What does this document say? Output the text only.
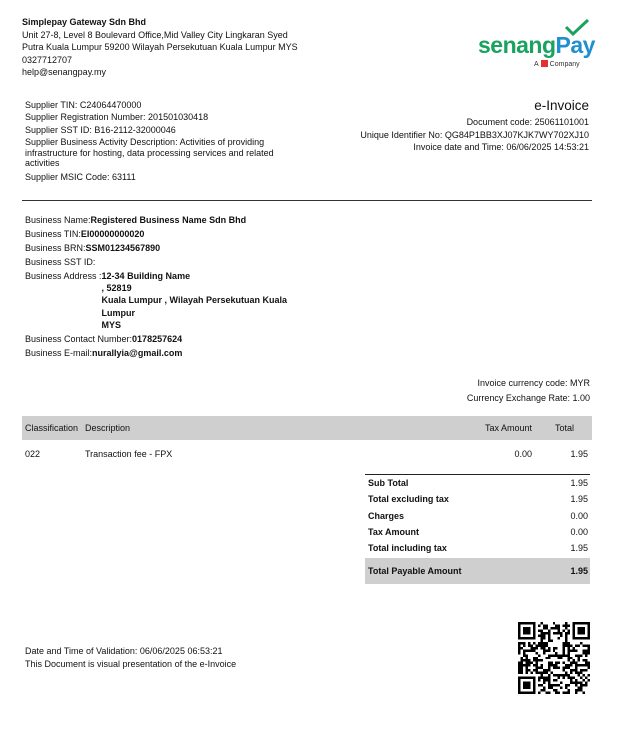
Simplepay Gateway Sdn Bhd
Unit 27-8, Level 8 Boulevard Office,Mid Valley City Lingkaran Syed
Putra Kuala Lumpur 59200 Wilayah Persekutuan Kuala Lumpur MYS
0327712707
help@senangpay.my
senangPay
A Company
Supplier TIN: C24064470000
Supplier Registration Number: 201501030418
Supplier SST ID: B16-2112-32000046
Supplier Business Activity Description: Activities of providing infrastructure for hosting, data processing services and related activities
Supplier MSIC Code: 63111
e-Invoice
Document code: 25061101001
Unique Identifier No: QG84P1BB3XJ07KJK7WY702XJ10
Invoice date and Time: 06/06/2025 14:53:21
Business Name: Registered Business Name Sdn Bhd
Business TIN: EI00000000020
Business BRN: SSM01234567890
Business SST ID:
Business Address : 12-34 Building Name
, 52819
Kuala Lumpur , Wilayah Persekutuan Kuala
Lumpur
MYS
Business Contact Number: 0178257624
Business E-mail: nurallyia@gmail.com
Invoice currency code: MYR
Currency Exchange Rate: 1.00
Classification Description	Tax Amount	Total
022	Transaction fee - FPX	0.00	1.95
Sub Total	1.95
Total excluding tax	1.95
Charges	0.00
Tax Amount	0.00
Total including tax	1.95
Total Payable Amount	1.95
Date and Time of Validation: 06/06/2025 06:53:21
This Document is visual presentation of the e-Invoice
